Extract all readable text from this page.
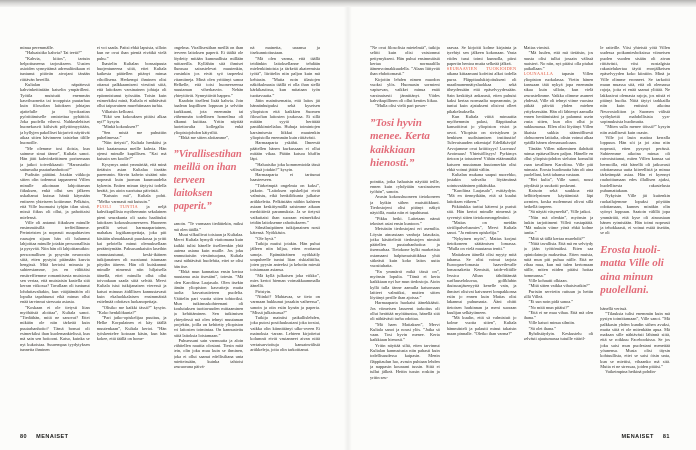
minua peremmälle.

”Haluaisitko kahvia? Tai teetä?”

”Kahvia, kiitos”, tartuin helpottuneena tarjoukseen. Uusien asioiden synnyttämä adrenaliinikaan ei tuntunut pitävän aivojani tänään riittävän hereillä.

Kultalan näprätessä kahvinkeitintään katselin ympärilleni. Työtila muistutti enemmän kasvihuonetta tai trooppista puutarhaa kuin filosofian laitoksen johtajan ajattelulle ja byrokratian pyörittämiselle omistettua pyhättöä. Joka puolella vihersi. Nahkealehtiset huonekasvit kiilsivät pölyttömyyttään, ja hyllyjen pakolliset kirjarivit näyttivät aikaa sitten hävinneen taistelun tilille huonoille.

”Me olemme tosi iloisia, kun saimme sinut tänne”, Kultala sanoi. Hän jätti kahvinkeittimen porisemaan ja jatkoi toiveikkaasti: ”Harrastatko sattumalta puutarhanhoitoa?”

Pudistin päätäni. Jotakin viikkoja sitten olin todennut tappaneeni Villen minulle aikoinaan lahjoittaman fiikuksen, enkä ollut sen jälkeen uskaltanut kutsua häntä käymään entiseen yhteiseen kotiimme. Pelkäsin, että Ville huomaisi tyhjän tilan siinä, missä fiikus oli ollut, ja pahoittaisi mielensä.

Ville oli antanut fiikuksen minulle ensimmäisillä treffeillämme. Perinteisten ja nopeasti nuupahtavien ruusujen sijaan hän oli halunnut lahjoittaa minulle jotakin persoonallista ja pysyvää. Niin hän oli lahjoittanutkin: persoonallisen ja pysyvän neuroosin siitä, etten pystyisi pitämään kasvia hengissä. Mitä kertoisi minusta ja suhteestamme, jos en välittäisi ensitreffiemme romanttisesta muistosta sen vertaa, että muistaisin kastella sitä kerran viikossa? Tavallaan oli tuntunut lohduttavaltakin, kun vääjäämätön oli lopulta tapahtunut eikä minun ollut enää tarvinnut stressata asiasta.

”Koskaan ei ole tietysti liian myöhäistä aloittaa”, Kultala sanoi. ”Tiedäthän, mitä ne sanovat? Ettei mikään ole niin tärkeää kuin puutarhanhoito? Tämä bonsai oli esimerkiksi ihan kuolemankielissä, kun mä sain sen hoitooni. Katso, kuinka se nyt kukoistaa. Suurempaa tyydytyksen tunnetta ihminen

ei voi saada. Paitsi ehkä lapsista, silloin kun ne ovat ihan pieniä eivätkä vielä puhu.”

Ihastelin Kultalan bonsaipuuta huojentuneena siitä, ettei Kultala kaikesta päätellen pitänyt minua vihollisena. Herkempi ihminen olisi ottanut palkkaamiseni viestinä siitä, että laitoksen varsinainen johtaja oli epäonnistunut työssään. Toisin kuin esimerkiksi minä, Kultala ei nähtävästi ollut taipuvainen murehtimaan turhia.

Vilkaisin kelloani.

”Eikö sen kokouksen pitäisi alkaa nyt?” kysyin.

”Minkä kokouksen?”

”Sen mistä me puhuttiin puhelimessa.”

”Niin tietysti”, Kultala henkäisi ja kävi kaatamassa meille kahvia. Hän ojensi minulle kupillisen. ”Kai mä kutsuin sen koolle?”

Kysymys antoi ymmärtää, että minä tietäisin asian Kultalaa itseään paremmin. Särvin kahvin sisääni niin nopeasti kuin juoman kuumuudelta kykenin. Eniten minun täytyisi todella herätä, jos aioin suoriutua päivästä.

”Kutsuin mä”, Kultala pohti. ”Melko varmasti mä kutsuin.”

PUOLI TUNTIA ja neljä kahvikupillista myöhemmin sekalainen pieni seurakunta oli saatu haalituksi laitoksen kokoushuoneeseen. Huoneen perällä seisoi harmaapartainen, mahakas logiikanopettaja, joka piti käsiään uhmakkaasti puuskassa ja yritti kai pelotella minut olemuksellaan perääntymään. Paksusankaisiin laseihin sonnustautunut, keski-ikäinen tutkijanainen oli suostunut istumaan pöydän ääreen. Hän oli kuiskannut minulle nimensä niin hiljaisella äänellä, ettei minulla ollut ollut toivoakaan saada siitä selvää. Mervi Kultala istui tutkijanaisen vieressä ja katsoi minuun äidillisen kannustavasti kuin ekaluokkalaisen ensimmäistä esitelmää odottava luokanopettaja.

”Olisiko me kaikki tässä?” kysyin. ”Koko henkilökunta?”

”Pari jatko-opiskelijaa puuttuu, ja Helke Korpulainen ei käy täällä muutenkaan”, Kultala kertoi. ”Hän työskentelee kotoaan käsin, kun hän kokee, että täällä on home-

ongelma. Virallisestihan meillä on ihan terveen laitoksen paperit. Ei täältä ole löydetty mitään kummallista millään mittareilla. Kyllähän sitä ihmiset flunssaa sairastelevat muutenkin, varsinkin jos eivät syö tarpeeksi vitamiineja. Minä olen yrittänyt sanoa Helkelle, että toisi huoneeseensa muutaman viherkasvin. Nehän yhteyttävät. Synnyttävät happea.”

Kaadoin itselleni lisää kahvia. Join haalean kupillisen loppuun ja selvitin kurkkuani, jota enemmän tai vähemmän todellinen homeilma oli alkanut kutittaa. Yritin näyttää luotettavalta kollegalta enkä yliopistojohdon kätyriltä.

”Ehkä me sitten aloitamme”,

”Virallisestihan meillä on ihan terveen laitoksen paperit.”

sanoin. ”Te varmaan tiedättekin, miksi mä olen täällä.”

Muut vilkuilivat toisiaan ja Kultalaa. Mervi Kultala hymyili viattomana kuin kaikki tulisi hänelle itselleenkin yhtä uutena asiana kuin muille. Jos joku ammuttaisiin viestintuojana, Kultala osasi nähtävästi huolehtia, ettei se olisi hän itse.

”Ehkä mun kannattaa ensin kertoa muutama asia itsestäni”, totesin. ”Mä olen Karoliina Laajasalo. Olen itsekin tämän yliopiston kasvatteja mutta tuolta kasvatustieteen puolelta. Väittelin pari vuotta sitten tohtoriksi. Mun tutkimuskohteenani oli koulutuksen tuottavuuden mittaaminen ja kehittäminen. Sen tutkimisen yhteydessä mä olen tehnyt muutaman projektin, joilla on kehitetty yliopiston eri laitosten toimintaa. On kannustettu niitä laitoksia loistamaan.”

Puhuessani sain varmuutta ja aloin vähitellen nauttia olostani. Tiesin mitä tein, olin joku muu kuin se ihminen, joka ei ollut saanut edellisiltana unta mietteissään, kuinka tahtoisi seuraavana päivä-

nä mainetta, uraansa ja itsekunnioitustaan.

”Mä olen varma, että täällä teidänkin laitoksellanne tehdään mielenkiintoista ja tärkeää akateemista työtä”, liirittelin niin paljon kuin mä kehtasin. ”Mutta noin tilastojen näkökulmasta täällä ei olla ihan siellä kärkikastissa, kun mitataan työn tuottavuutta.”

Jätin mainitsematta, että laitos jäi hännänhuipuksi sekä kyseisen yliopiston että kaikkien Suomen filosofian laitosten joukossa. Ei sillä mitään syytä herättää paniikkimielialaa. Huhuja toimintojen karsimisesta liikkui muutenkin yliopistolla enemmän kuin riittävästi.

Harmaaparta yskähti. Ilmeestä päätellen hänen kurkussaan ei ollut mitään vikaa. Päätin katsoa bluffin läpi.

”Haluaisiko joku kommentoida tässä välissä jotakin?” kysyin.

Harmaaparta ei tarttunut haasteeseen.

”Tärkeimpiä ongelmia on kaksi”, jatkoin. ”Laitoksen opiskelijat eivät valmistu, eikä henkilökunta julkaise artikkeleita. Pelkästään näihin kahteen asiaan keskittymällä saisimme aikaan merkittäviä parannuksia. Ja se tietysti vaikuttaisi ihan suoraan esimerkiksi teidän laitoksenne rahoitukseen.”

Silmälasipäinen tutkijanainen nosti kätensä. Nyökkäsin.

”Ole hyvä.”

Tutkija mutisi jotakin. Hän puhui jälleen niin hiljaa, etten erottanut sanoja. Epämääräinen nyökkäily urapuheelle tuntui liian riskialttiilta, joten pyysin anteeksi ja kehotin miestä toistamaan asiansa.

”Mä kyllä julkaisen joka viikko”, mies kertoi hieman voimakkaammalla äänellä.

Piristyin.

”Niinkö? Mahtavaa, se tieto on varmaan hukkunut jossakin vaiheessa”, sanoin ja otin esiin kynän ja paperia. ”Missä julkaisussa?”

Tutkija mainitsi paikallislehden, joka putosi postiluukustani joka torstai, vaikka olin kiinnittänyt ulko-oveen Ei mainoksia -tarran. Lehteen kirjoitetut kolumnit eivät vastanneet aivan niitä vertaisarvioituja kansainvälisiä artikkeleja, joita olin tarkoittanut.

”Ne ovat filosofisia mietelmiä”, tutkija selitti kuin olisi vaistonnut pettymykseni. Hän puhui ensimmäistä kertaa normaalilla äänenvoimakkuudella. ”Alaan liittyvää ihan ehdottomasti.”

Kirjoitin lehden nimen muodon vuoksi ylös. Huomasin sormieni vapisevan, vaikkei minua enää varsinaisesti jännittänyt. Viides kahvikupillinen oli ollut kenties liikaa.

”Mulla olisi vielä pari power-

”Tosi hyvin menee. Kerta kaikkiaan hienosti.”

pointtia, jotka haluaisin näyttää teille, ennen kuin ryhdytään varsinaiseen työhön”, sanoin.

Avasin kokoushuoneen tietokoneen ja kytkin siihen muistitikkuni. Tiedostojeni olisi pitänyt näkyä näytöllä, mutta niin ei tapahtunut.

”Pikku hetki. Laitetaan nämä tekniset asiat ensin kuntoon.”

Metsästin tiedostojani eri asemilta. Löysin ainoastaan vanhoja latauksia, jotka käsittelivät tiedostojen nimistä päätellen puutarhanhoitoa ja itsemurhaa. Tietokone hylki marketista ostamaani halpismuistitikkua yhtä sitkeästi kuin koko laitos uutta vuosituhatta.

”En ymmärrä mikä tässä on”, myönsin lopulta. ”Tämä ei kerta kaikkiaan nyt lue mun tiedostoja. Aioin kyllä tulla tänne aamulla katsomaan laitteet valmiiksi, mutten sitten löytänyt perille ihan ajoissa.”

Harmaaparta huokaisi äänekkäästi. Jos viimeisen lauseeni tarkoitus oli ollut herättää myötätuntoa, hänellä sitä oli nähtävästi turha odottaa.

”Mä haen Matiaksen”, Mervi Kultala sanoi ja nousi ylös. ”Jatka sä vaan. Tosi hyvin menee. Kerta kaikkiaan hienosti.”

Yritin näyttää siltä, etten tarvinnut Kultalan kannustusta niin pahasti kuin todellisuudessa kaipasin. Menin fläppitaulun luo, avasin puhtaan lehden ja nappasin kouraani tussin. Siitä ei tullut jälkeä. Heitin tussin roskiin ja yritin seu-

raavaa. Se kirjoitti kolme kirjainta ja tyrehtyi sen jälkeen kokonaan. Vasta viides tussi toimi kunnolla, piirsi paperiin hentoa mutta selkeää jälkeä.

SEURAAVIEN TUOKIOIDEN aikana kittaamani kofeiini alkoi todella purra. Fläppitaulukirjoitukseni oli maailmanennätysluokkaa sekä tiheydessään että epäselvyydessään. Sain keskittyä ankarasti, etten puhuisi kaksi kertaa normaalia nopeammin, ja tuntui kuin ajatukseni olisivat olleet pikakelauksella.

Kun Kultala viittä minuuttia myöhemmin palasi, fläppitaulua kansoittivat jo yliopiston visiot ja arvot. Yliopisto on sivistyksen ja henkisen uudistumisen instituutio! Tulevaisuuden rakentaja! Edelläkävijä! Arvojamme ovat kriittisyys! Luovuus! Avoimuus! Yhteisöllisyys! Pyrkimys tietoon ja totuuteen! Vähän etäämmältä katsoen muutaman huutomerkin olisi ehkä voinut jättää väliin.

Kultalan mukana saapui nuorehko, jostakin sohvalta löytämänsä sointuvaääninen pitkätukka.

”Karoliina Laajasalo”, esittäydyin. ”Mä en tiennytkään, että sä kuulut laitoksen väkeen.”

Pitkätukka tarttui käteeni ja puristi sitä. Hän kertoi minulle nimensä ja syventyi sitten tietokoneongelmiini.

”Matias on meidän siviilipalvelusmies”, Mervi Kultala sanoi. ”Ja entinen opiskelija.”

”Nykyinen myös”, Matias korjasi tietokoneen säätämisen lomassa. ”Mulla on vielä muutama tentti.”

Matiaksen äänellä olisi myyty mitä tahansa. Se olisi voinut tarjota Euroopan-lomasta haaveilevalle lomaosaketta Kemistä, taide-eliitille Jessica Alban tähdittämää surffauselokuvaa, golfklubin ikuisuusjäsenyyttä kenelle vain, ja ihmiset olisivat kaivaneet lompakkonsa esiin jo ennen kuin Matias olisi lakannut puhumasta. Ääni ohitti tietoisen harkinnan ja meni suoraan kuulijan selkäytimeen.

”Mä kuulin, että sä valmistuit jo kolme vuotta sitten”, Kultala hämmästeli ja palautti minut takaisin maan pinnalle. ”Oletko ihan varma?”

Matias virnisti.

”Mä luulen, että mä tietäisin, jos musta olisi tullut jossain välissä maisteri. No niin, nyt pitäisi olla piuhat paikallaan.”

LOUNAALLA tapasin Villen yliopiston ruokalassa. Vietin hänen kanssaan tätä nykyä jopa enemmän aikaa kuin silloin, kun vielä seurustelimme. Vaikka olimme asuneet yhdessä, Ville oli tehnyt viime vuosina pitkää päivää yhden miehen yrityksessään. Hän oli lähtenyt aamulla ennen heräämistäni ja palannut usein vasta sitten, kun olin ollut jo nukkumassa. Ellen olisi löytänyt Villen likaisia sukkia säännöllisesti olohuoneen lattialta, olisin voinut alkaa epäillä hänen olemassaoloaan.

Tänään Villen näkeminen ilahdutti minua epätavallisen paljon. Hänelle en ollut yliopistojohdon sieluton konsultti vaan tavallinen Karoliina. Ville piti minusta. Erosta huolimatta hän oli aina puolellani, ketä tahansa vastaan.

”Hei kulta”, Ville sanoi, nousi pöydästä ja suukotti poskeani.

Katsoin sekä suukkoa että hellittelynimen käyttämistä läpi sormien, koska molemmat olivat sillä hetkellä tarpeen.

”Sä näytät väsyneeltä”, Ville jatkoi.

”Niin mä olenkin”, myönsin ja laskin tarjottimeni Villeä vastapäätä. ”Mä nukuin viime yönä ehkä kolme tuntia.”

”Mitä sä tällä kertaa murehdit?”

”Niitä tavallisia. Että mä en selviydy ja jään työttömäksi. Etten saa opintolainoja maksettua. Etten muista, mitä mun piti puhua niille. Että ne vihaa mua, kun mä tulen kertomaan niille, miten niiden pitäisi hoitaa hommansa.”

Ville kohautti olkiaan.

”Mitä sitten vaikka vihaisivatkin?”

Puristin servietin ruttuun ja heitin sillä Villeä.

”Ei sun noin pidä sanoa.”

”No mitä mun pitäisi?”

”Että ei ne mua vihaa. Että mä olen ihana.”

Ville katsoi minua silmiin.

”Sä olet ihana.”

Ryhdistäydyin. Keskustelu oli selvästi ajautumassa tutuille vääril-

le raiteille. Viisi yhteistä yötä Villen uudessa poikamiesboksissa viimeisen puolen vuoden sisään oli aivan riittävästi, viisi nostalgista rakastelukertaa täytti eronjälkeisen epäselvyyden koko kiintiön. Minä ja Ville olimme eronneet. Se tarkoitti muun muassa sitä, että oli olemassa rajoja, joita ei enää saanut ylittää. Ne lakkasivat olemasta rajoja, jos niistä ei pitänyt huolta. Niitä täytyi tarkkailla niin kuin entisinä aikoina Neuvostoliiton ja Suomen välistä vyöhykettä mahdollisista yya-sopimuksista huolimatta.

”Miten sulla menee töissä?” kysyin niin asiallisesti kuin osasin.

Ville joi lasin maitoa kerralla loppuun. Hän söi ja joi aina niin nopeasti, etten pysynyt perässä. Suhteemme aikoina minua oli raivostuttanut, miten Villen kanssa sai hermoilla, että hänellä oli jatkuvasti odottamassa uutta kiireellistä ja minua tärkeämpää asiaa. Hän ei kyennyt rauhoittumaan edes illallisen ajaksi, huolellisesta rakastelusta puhumattakaan.

Nykyisin Ville jäi kuitenkin ruokailujemme lopuksi pöytään odottamaan, kunnes minäkin olin syönyt loppuun. Saatoin välillä jopa ymmärtää, että kyse oli ainoastaan hänen rytmistään. Hän toimi nopeasti ja tehokkaasti, ei voinut estää itseään, se oli

Erosta huolimatta Ville oli aina minun puolellani.

hänellä verissä.

”Tilauksia tulisi enemmän kuin mä pystyn toimittamaan”, Ville sanoi. ”Mä palkkasin yhden kundin siihen avuksi, mutta siitä ei ole mitenkään apua. Mä maksan sille nähtävästi lähinnä siitä, että se roikkuu Facebookissa. Se jos joku saisi mun puolestani menettää yöunensa. Musta olisi täysin kohtuullista, ettei se saisi öisin unta, kun se miettisi, vihaanko mä sitä. Mutta ei ne stressaa, joiden pitäisi.”

Vaikeimpina hetkinä pohdin-

80 MENAISET	MENAISET 81
